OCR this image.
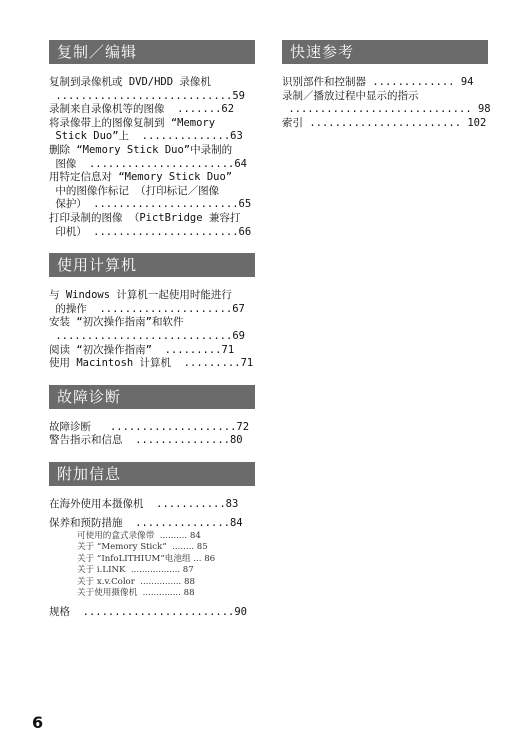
复制／编辑
复制到录像机或 DVD/HDD 录像机
............................59
录制来自录像机等的图像  .......62
将录像带上的图像复制到 “Memory
Stick Duo”上  ..............63
删除 “Memory Stick Duo”中录制的
图像  .......................64
用特定信息对 “Memory Stick Duo”
中的图像作标记 （打印标记／图像
保护） .......................65
打印录制的图像 （PictBridge 兼容打
印机） .......................66
使用计算机
与 Windows 计算机一起使用时能进行
的操作  .....................67
安装 “初次操作指南”和软件
............................69
阅读 “初次操作指南”  .........71
使用 Macintosh 计算机  .........71
故障诊断
故障诊断   ....................72
警告指示和信息  ...............80
附加信息
在海外使用本摄像机  ...........83
保养和预防措施  ...............84
可使用的盒式录像带  .......... 84
关于 “Memory Stick”  ........ 85
关于 “InfoLITHIUM”电池组 ... 86
关于 i.LINK  .................. 87
关于 x.v.Color  ............... 88
关于使用摄像机  .............. 88
规格  ........................90
快速参考
识别部件和控制器 ............. 94
录制／播放过程中显示的指示
............................. 98
索引 ........................ 102
6
